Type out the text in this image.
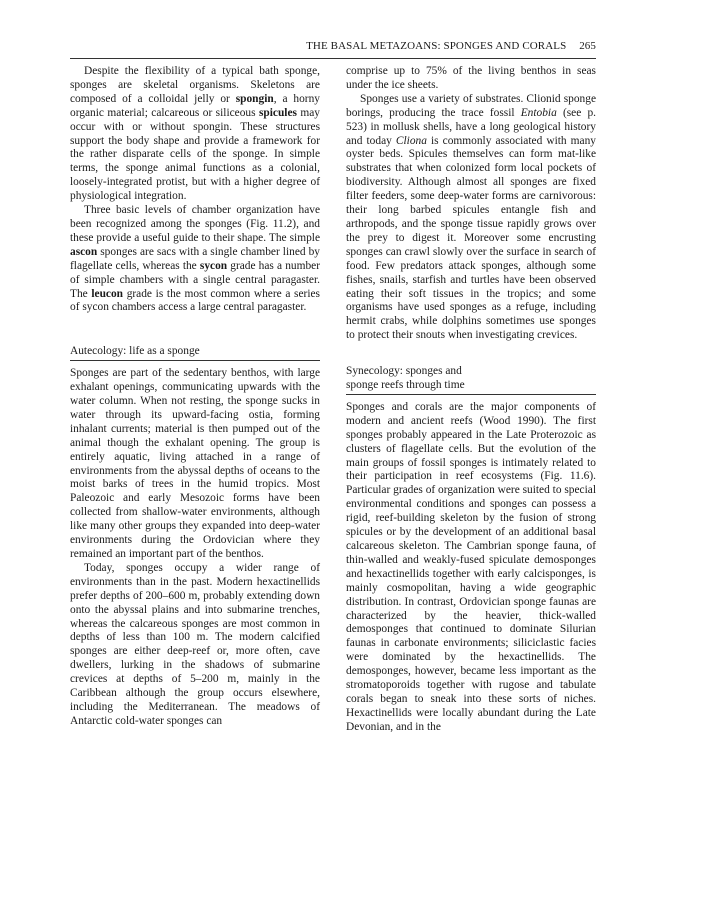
THE BASAL METAZOANS: SPONGES AND CORALS 265

Despite the flexibility of a typical bath sponge, sponges are skeletal organisms. Skeletons are composed of a colloidal jelly or spongin, a horny organic material; calcareous or siliceous spicules may occur with or without spongin. These structures support the body shape and provide a framework for the rather disparate cells of the sponge. In simple terms, the sponge animal functions as a colonial, loosely-integrated protist, but with a higher degree of physiological integration.

Three basic levels of chamber organization have been recognized among the sponges (Fig. 11.2), and these provide a useful guide to their shape. The simple ascon sponges are sacs with a single chamber lined by flagellate cells, whereas the sycon grade has a number of simple chambers with a single central paragaster. The leucon grade is the most common where a series of sycon chambers access a large central paragaster.

Autecology: life as a sponge

Sponges are part of the sedentary benthos, with large exhalant openings, communicating upwards with the water column. When not resting, the sponge sucks in water through its upward-facing ostia, forming inhalant currents; material is then pumped out of the animal though the exhalant opening. The group is entirely aquatic, living attached in a range of environments from the abyssal depths of oceans to the moist barks of trees in the humid tropics. Most Paleozoic and early Mesozoic forms have been collected from shallow-water environments, although like many other groups they expanded into deep-water environments during the Ordovician where they remained an important part of the benthos.

Today, sponges occupy a wider range of environments than in the past. Modern hexactinellids prefer depths of 200–600 m, probably extending down onto the abyssal plains and into submarine trenches, whereas the calcareous sponges are most common in depths of less than 100 m. The modern calcified sponges are either deep-reef or, more often, cave dwellers, lurking in the shadows of submarine crevices at depths of 5–200 m, mainly in the Caribbean although the group occurs elsewhere, including the Mediterranean. The meadows of Antarctic cold-water sponges can

comprise up to 75% of the living benthos in seas under the ice sheets.

Sponges use a variety of substrates. Clionid sponge borings, producing the trace fossil Entobia (see p. 523) in mollusk shells, have a long geological history and today Cliona is commonly associated with many oyster beds. Spicules themselves can form mat-like substrates that when colonized form local pockets of biodiversity. Although almost all sponges are fixed filter feeders, some deep-water forms are carnivorous: their long barbed spicules entangle fish and arthropods, and the sponge tissue rapidly grows over the prey to digest it. Moreover some encrusting sponges can crawl slowly over the surface in search of food. Few predators attack sponges, although some fishes, snails, starfish and turtles have been observed eating their soft tissues in the tropics; and some organisms have used sponges as a refuge, including hermit crabs, while dolphins sometimes use sponges to protect their snouts when investigating crevices.

Synecology: sponges and
sponge reefs through time

Sponges and corals are the major components of modern and ancient reefs (Wood 1990). The first sponges probably appeared in the Late Proterozoic as clusters of flagellate cells. But the evolution of the main groups of fossil sponges is intimately related to their participation in reef ecosystems (Fig. 11.6). Particular grades of organization were suited to special environmental conditions and sponges can possess a rigid, reef-building skeleton by the fusion of strong spicules or by the development of an additional basal calcareous skeleton. The Cambrian sponge fauna, of thin-walled and weakly-fused spiculate demosponges and hexactinellids together with early calcisponges, is mainly cosmopolitan, having a wide geographic distribution. In contrast, Ordovician sponge faunas are characterized by the heavier, thick-walled demosponges that continued to dominate Silurian faunas in carbonate environments; siliciclastic facies were dominated by the hexactinellids. The demosponges, however, became less important as the stromatoporoids together with rugose and tabulate corals began to sneak into these sorts of niches. Hexactinellids were locally abundant during the Late Devonian, and in the
